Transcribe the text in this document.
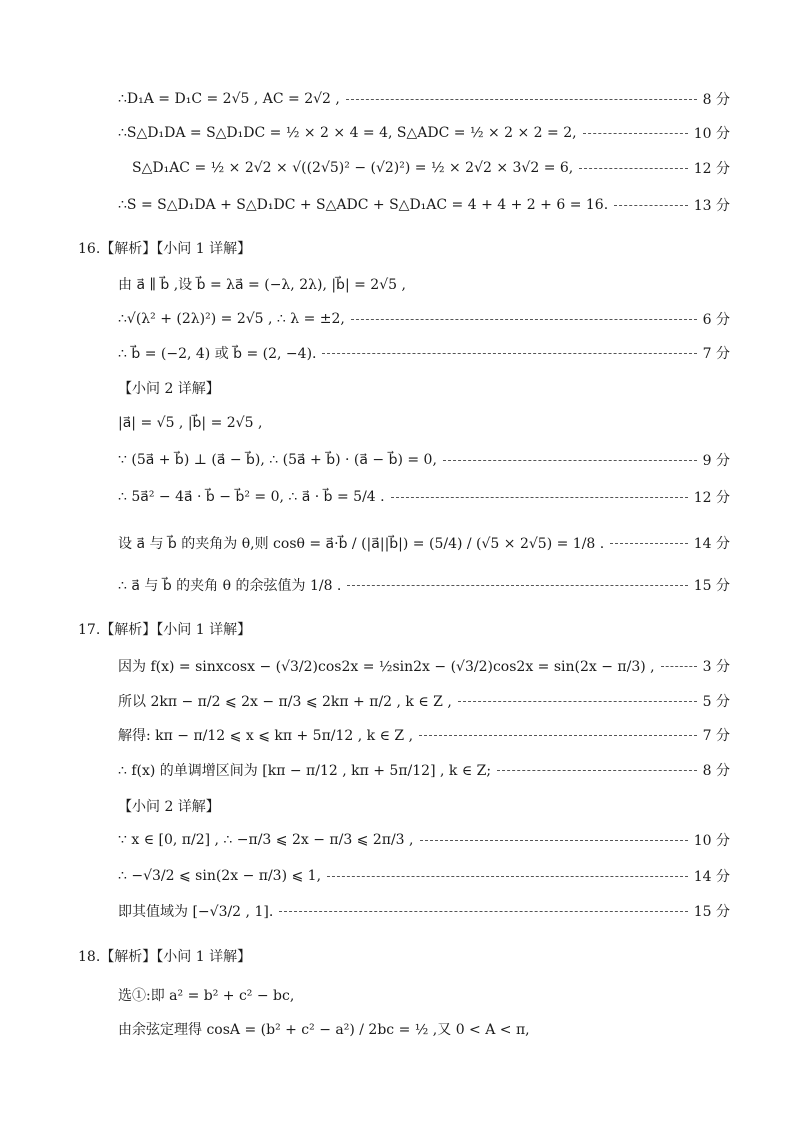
∴D₁A = D₁C = 2√5 , AC = 2√2 ,	8 分
∴S△D₁DA = S△D₁DC = ½ × 2 × 4 = 4, S△ADC = ½ × 2 × 2 = 2,	10 分
S△D₁AC = ½ × 2√2 × √((2√5)² − (√2)²) = ½ × 2√2 × 3√2 = 6,	12 分
∴S = S△D₁DA + S△D₁DC + S△ADC + S△D₁AC = 4 + 4 + 2 + 6 = 16.	13 分
16.【解析】【小问 1 详解】
由 a⃗ ∥ b⃗ ,设 b⃗ = λa⃗ = (−λ, 2λ), |b⃗| = 2√5 ,
∴√(λ² + (2λ)²) = 2√5 , ∴ λ = ±2,	6 分
∴ b⃗ = (−2, 4) 或 b⃗ = (2, −4).	7 分
【小问 2 详解】
|a⃗| = √5 , |b⃗| = 2√5 ,
∵ (5a⃗ + b⃗) ⊥ (a⃗ − b⃗), ∴ (5a⃗ + b⃗) · (a⃗ − b⃗) = 0,	9 分
∴ 5a⃗² − 4a⃗ · b⃗ − b⃗² = 0, ∴ a⃗ · b⃗ = 5/4 .	12 分
设 a⃗ 与 b⃗ 的夹角为 θ,则 cosθ = a⃗·b⃗ / (|a⃗||b⃗|) = (5/4) / (√5 × 2√5) = 1/8 .	14 分
∴ a⃗ 与 b⃗ 的夹角 θ 的余弦值为 1/8 .	15 分
17.【解析】【小问 1 详解】
因为 f(x) = sinxcosx − (√3/2)cos2x = ½sin2x − (√3/2)cos2x = sin(2x − π/3) ,	3 分
所以 2kπ − π/2 ⩽ 2x − π/3 ⩽ 2kπ + π/2 , k ∈ Z ,	5 分
解得: kπ − π/12 ⩽ x ⩽ kπ + 5π/12 , k ∈ Z ,	7 分
∴ f(x) 的单调增区间为 [kπ − π/12 , kπ + 5π/12] , k ∈ Z;	8 分
【小问 2 详解】
∵ x ∈ [0, π/2] , ∴ −π/3 ⩽ 2x − π/3 ⩽ 2π/3 ,	10 分
∴ −√3/2 ⩽ sin(2x − π/3) ⩽ 1,	14 分
即其值域为 [−√3/2 , 1].	15 分
18.【解析】【小问 1 详解】
选①:即 a² = b² + c² − bc,
由余弦定理得 cosA = (b² + c² − a²) / 2bc = ½ ,又 0 < A < π,
